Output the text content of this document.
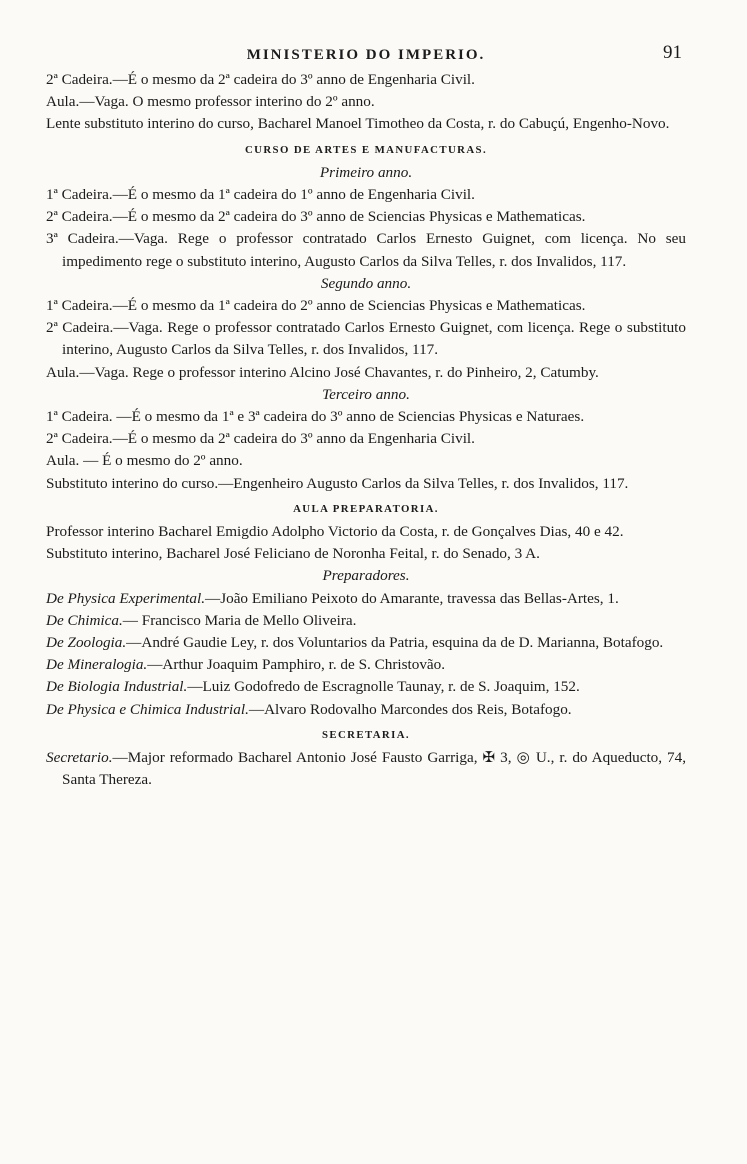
MINISTERIO DO IMPERIO.	91

2ª Cadeira.—É o mesmo da 2ª cadeira do 3º anno de Engenharia Civil.

Aula.—Vaga. O mesmo professor interino do 2º anno.

Lente substituto interino do curso, Bacharel Manoel Timotheo da Costa, r. do Cabuçú, Engenho-Novo.

CURSO DE ARTES E MANUFACTURAS.
Primeiro anno.

1ª Cadeira.—É o mesmo da 1ª cadeira do 1º anno de Engenharia Civil.

2ª Cadeira.—É o mesmo da 2ª cadeira do 3º anno de Sciencias Physicas e Mathematicas.

3ª Cadeira.—Vaga. Rege o professor contratado Carlos Ernesto Guignet, com licença. No seu impedimento rege o substituto interino, Augusto Carlos da Silva Telles, r. dos Invalidos, 117.

Segundo anno.

1ª Cadeira.—É o mesmo da 1ª cadeira do 2º anno de Sciencias Physicas e Mathematicas.

2ª Cadeira.—Vaga. Rege o professor contratado Carlos Ernesto Guignet, com licença. Rege o substituto interino, Augusto Carlos da Silva Telles, r. dos Invalidos, 117.

Aula.—Vaga. Rege o professor interino Alcino José Chavantes, r. do Pinheiro, 2, Catumby.

Terceiro anno.

1ª Cadeira. —É o mesmo da 1ª e 3ª cadeira do 3º anno de Sciencias Physicas e Naturaes.

2ª Cadeira.—É o mesmo da 2ª cadeira do 3º anno da Engenharia Civil.

Aula. — É o mesmo do 2º anno.

Substituto interino do curso.—Engenheiro Augusto Carlos da Silva Telles, r. dos Invalidos, 117.

AULA PREPARATORIA.

Professor interino Bacharel Emigdio Adolpho Victorio da Costa, r. de Gonçalves Dias, 40 e 42.

Substituto interino, Bacharel José Feliciano de Noronha Feital, r. do Senado, 3 A.

Preparadores.

De Physica Experimental.—João Emiliano Peixoto do Amarante, travessa das Bellas-Artes, 1.

De Chimica.— Francisco Maria de Mello Oliveira.

De Zoologia.—André Gaudie Ley, r. dos Voluntarios da Patria, esquina da de D. Marianna, Botafogo.

De Mineralogia.—Arthur Joaquim Pamphiro, r. de S. Christovão.

De Biologia Industrial.—Luiz Godofredo de Escragnolle Taunay, r. de S. Joaquim, 152.

De Physica e Chimica Industrial.—Alvaro Rodovalho Marcondes dos Reis, Botafogo.

SECRETARIA.

Secretario.—Major reformado Bacharel Antonio José Fausto Garriga, ✠ 3, ◎ U., r. do Aqueducto, 74, Santa Thereza.
